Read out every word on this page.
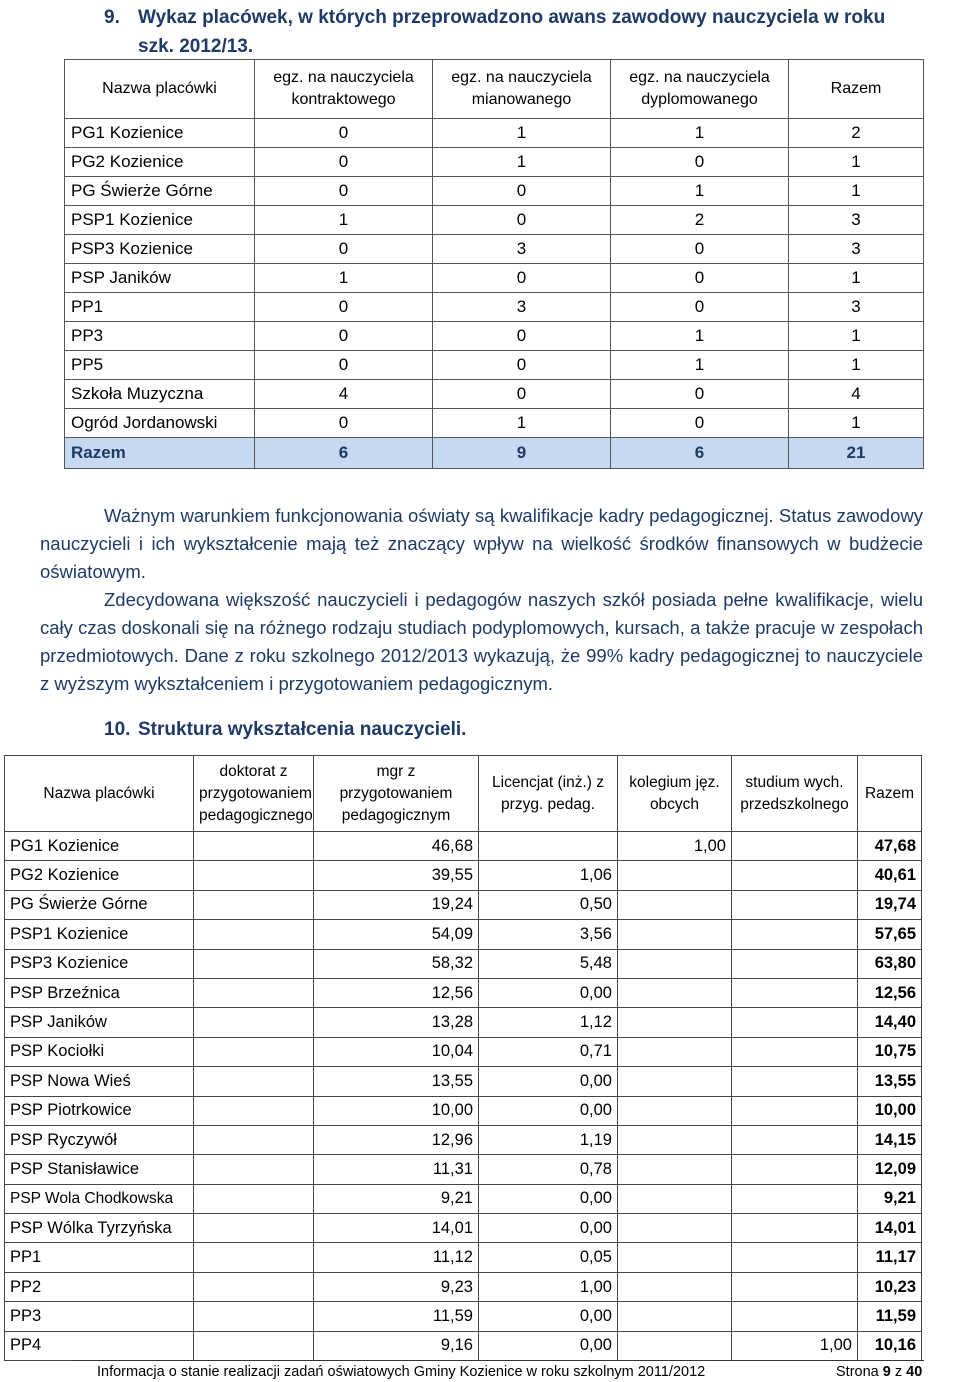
9. Wykaz placówek, w których przeprowadzono awans zawodowy nauczyciela w roku
szk. 2012/13.
Nazwa placówki	egz. na nauczyciela kontraktowego	egz. na nauczyciela mianowanego	egz. na nauczyciela dyplomowanego	Razem
PG1 Kozienice	0	1	1	2
PG2 Kozienice	0	1	0	1
PG Świerże Górne	0	0	1	1
PSP1 Kozienice	1	0	2	3
PSP3 Kozienice	0	3	0	3
PSP Janików	1	0	0	1
PP1	0	3	0	3
PP3	0	0	1	1
PP5	0	0	1	1
Szkoła Muzyczna	4	0	0	4
Ogród Jordanowski	0	1	0	1
Razem	6	9	6	21

Ważnym warunkiem funkcjonowania oświaty są kwalifikacje kadry pedagogicznej. Status zawodowy nauczycieli i ich wykształcenie mają też znaczący wpływ na wielkość środków finansowych w budżecie oświatowym.

Zdecydowana większość nauczycieli i pedagogów naszych szkół posiada pełne kwalifikacje, wielu cały czas doskonali się na różnego rodzaju studiach podyplomowych, kursach, a także pracuje w zespołach przedmiotowych. Dane z roku szkolnego 2012/2013 wykazują, że 99% kadry pedagogicznej to nauczyciele z wyższym wykształceniem i przygotowaniem pedagogicznym.

10. Struktura wykształcenia nauczycieli.
Nazwa placówki	doktorat z przygotowaniem pedagogicznego	mgr z przygotowaniem pedagogicznym	Licencjat (inż.) z przyg. pedag.	kolegium jęz. obcych	studium wych. przedszkolnego	Razem
PG1 Kozienice		46,68		1,00		47,68
PG2 Kozienice		39,55	1,06			40,61
PG Świerże Górne		19,24	0,50			19,74
PSP1 Kozienice		54,09	3,56			57,65
PSP3 Kozienice		58,32	5,48			63,80
PSP Brzeźnica		12,56	0,00			12,56
PSP Janików		13,28	1,12			14,40
PSP Kociołki		10,04	0,71			10,75
PSP Nowa Wieś		13,55	0,00			13,55
PSP Piotrkowice		10,00	0,00			10,00
PSP Ryczywół		12,96	1,19			14,15
PSP Stanisławice		11,31	0,78			12,09
PSP Wola Chodkowska		9,21	0,00			9,21
PSP Wólka Tyrzyńska		14,01	0,00			14,01
PP1		11,12	0,05			11,17
PP2		9,23	1,00			10,23
PP3		11,59	0,00			11,59
PP4		9,16	0,00		1,00	10,16
Informacja o stanie realizacji zadań oświatowych Gminy Kozienice w roku szkolnym 2011/2012	Strona 9 z 40
